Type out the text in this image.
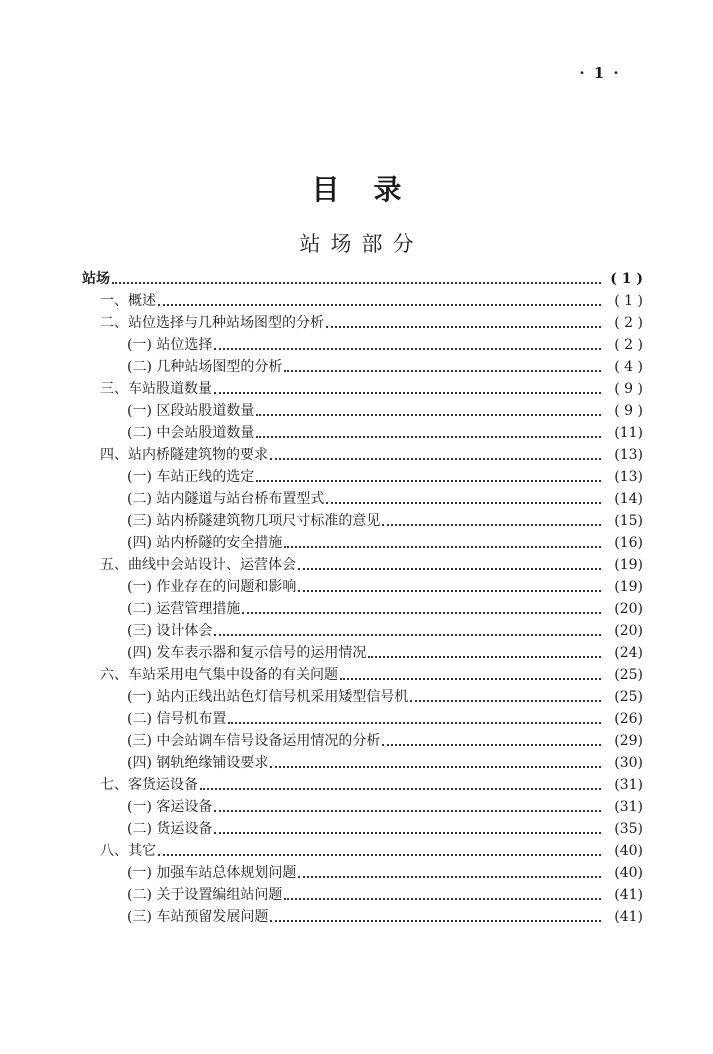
· 1 ·
目录
站场部分
站场	( 1 )
一、概述	( 1 )
二、站位选择与几种站场图型的分析	( 2 )
(一) 站位选择	( 2 )
(二) 几种站场图型的分析	( 4 )
三、车站股道数量	( 9 )
(一) 区段站股道数量	( 9 )
(二) 中会站股道数量	(11)
四、站内桥隧建筑物的要求	(13)
(一) 车站正线的选定	(13)
(二) 站内隧道与站台桥布置型式	(14)
(三) 站内桥隧建筑物几项尺寸标准的意见	(15)
(四) 站内桥隧的安全措施	(16)
五、曲线中会站设计、运营体会	(19)
(一) 作业存在的问题和影响	(19)
(二) 运营管理措施	(20)
(三) 设计体会	(20)
(四) 发车表示器和复示信号的运用情况	(24)
六、车站采用电气集中设备的有关问题	(25)
(一) 站内正线出站色灯信号机采用矮型信号机	(25)
(二) 信号机布置	(26)
(三) 中会站调车信号设备运用情况的分析	(29)
(四) 钢轨绝缘铺设要求	(30)
七、客货运设备	(31)
(一) 客运设备	(31)
(二) 货运设备	(35)
八、其它	(40)
(一) 加强车站总体规划问题	(40)
(二) 关于设置编组站问题	(41)
(三) 车站预留发展问题	(41)
